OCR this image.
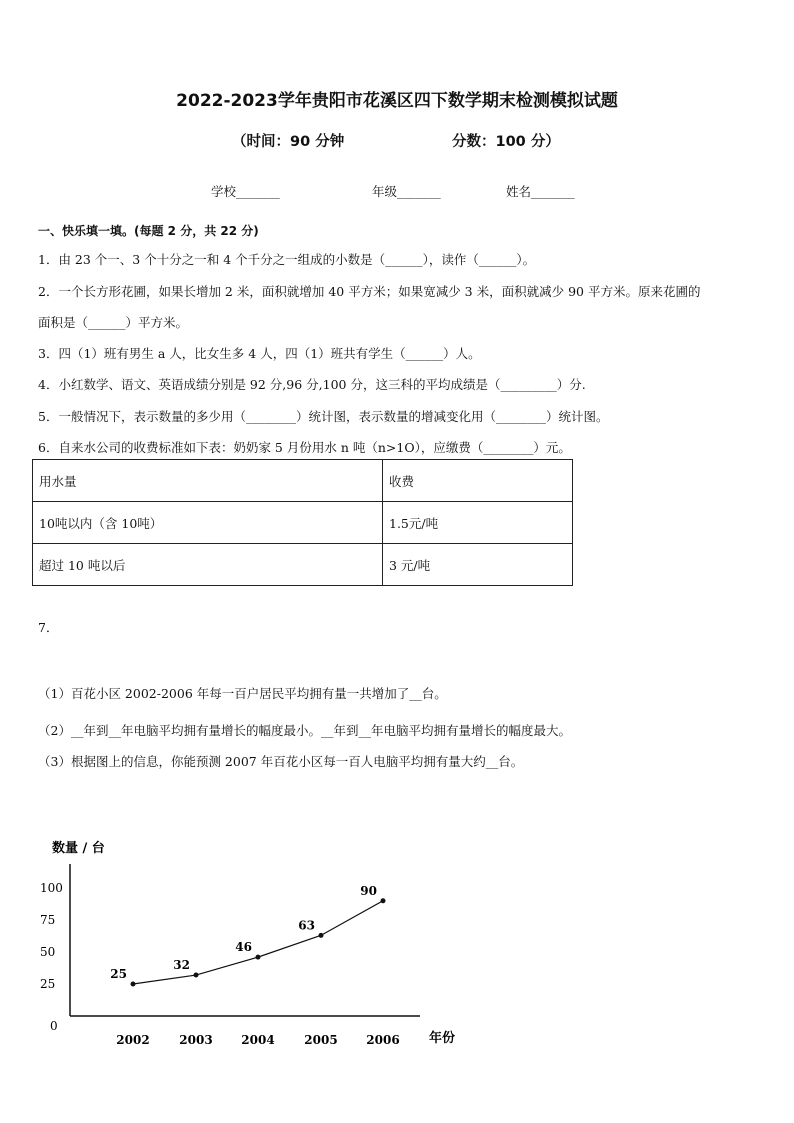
2022-2023学年贵阳市花溪区四下数学期末检测模拟试题
（时间：90 分钟	分数：100 分）
学校_______	年级_______	姓名_______
一、快乐填一填。(每题 2 分，共 22 分)
1．由 23 个一、3 个十分之一和 4 个千分之一组成的小数是（______），读作（______）。
2．一个长方形花圃，如果长增加 2 米，面积就增加 40 平方米；如果宽减少 3 米，面积就减少 90 平方米。原来花圃的
面积是（______）平方米。
3．四（1）班有男生 a 人，比女生多 4 人，四（1）班共有学生（______）人。
4．小红数学、语文、英语成绩分别是 92 分,96 分,100 分，这三科的平均成绩是（_________）分.
5．一般情况下，表示数量的多少用（________）统计图，表示数量的增减变化用（________）统计图。
6．自来水公司的收费标准如下表：奶奶家 5 月份用水 n 吨（n>1O），应缴费（________）元。
用水量	收费
10吨以内（含 10吨）	1.5元/吨
超过 10 吨以后	3 元/吨
7．
（1）百花小区 2002-2006 年每一百户居民平均拥有量一共增加了__台。
（2）__年到__年电脑平均拥有量增长的幅度最小。__年到__年电脑平均拥有量增长的幅度最大。
（3）根据图上的信息，你能预测 2007 年百花小区每一百人电脑平均拥有量大约__台。
数量 / 台
年份
0
25
50
75
100
2002 2003 2004 2005 2006
25
32
46
63
90
